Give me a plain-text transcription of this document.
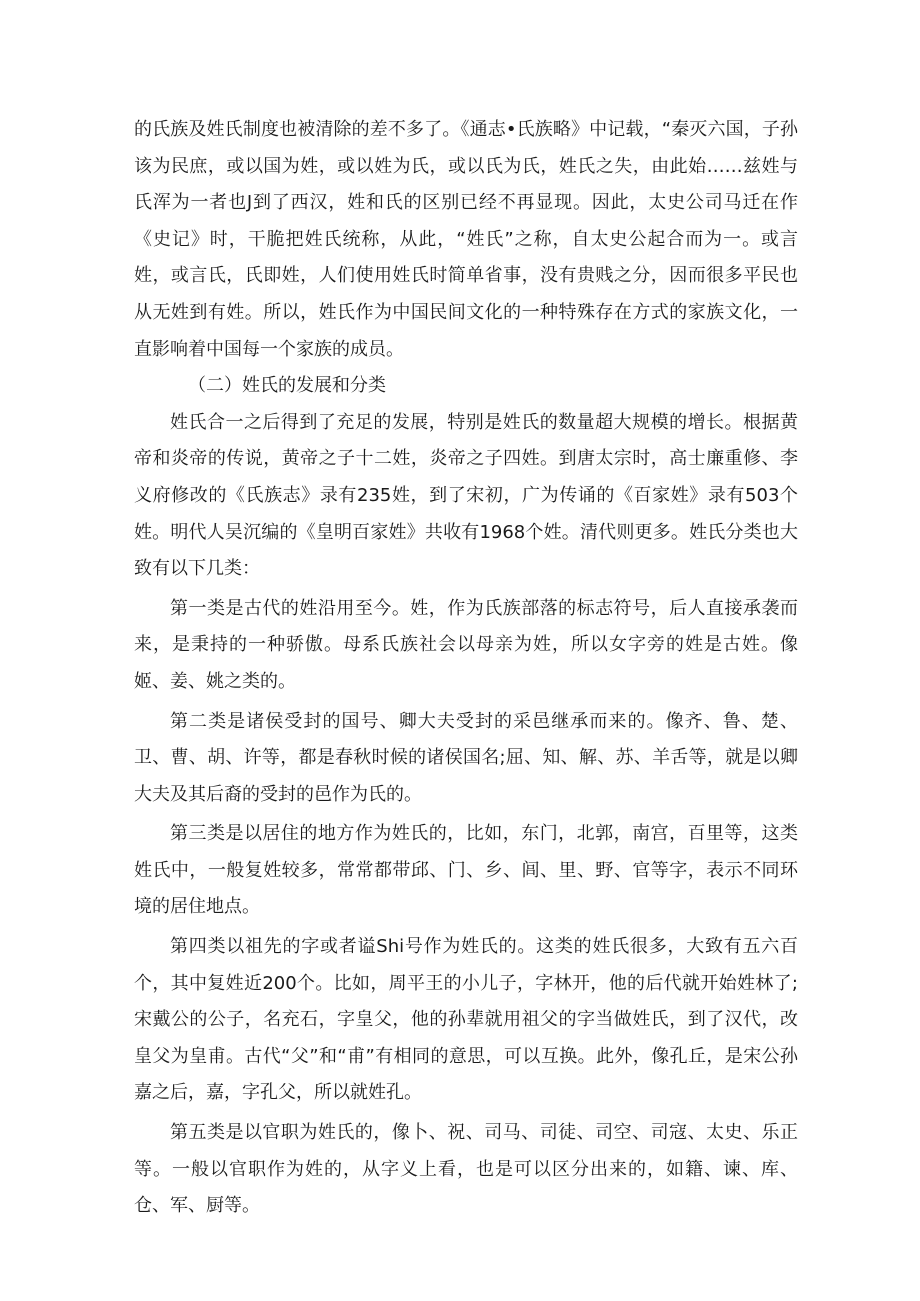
的氏族及姓氏制度也被清除的差不多了。《通志•氏族略》中记载，“秦灭六国，子孙该为民庶，或以国为姓，或以姓为氏，或以氏为氏，姓氏之失，由此始……兹姓与氏浑为一者也J到了西汉，姓和氏的区别已经不再显现。因此，太史公司马迁在作《史记》时，干脆把姓氏统称，从此，“姓氏”之称，自太史公起合而为一。或言姓，或言氏，氏即姓，人们使用姓氏时简单省事，没有贵贱之分，因而很多平民也从无姓到有姓。所以，姓氏作为中国民间文化的一种特殊存在方式的家族文化，一直影响着中国每一个家族的成员。

（二）姓氏的发展和分类

姓氏合一之后得到了充足的发展，特别是姓氏的数量超大规模的增长。根据黄帝和炎帝的传说，黄帝之子十二姓，炎帝之子四姓。到唐太宗时，高士廉重修、李义府修改的《氏族志》录有235姓，到了宋初，广为传诵的《百家姓》录有503个姓。明代人吴沉编的《皇明百家姓》共收有1968个姓。清代则更多。姓氏分类也大致有以下几类：

第一类是古代的姓沿用至今。姓，作为氏族部落的标志符号，后人直接承袭而来，是秉持的一种骄傲。母系氏族社会以母亲为姓，所以女字旁的姓是古姓。像姬、姜、姚之类的。

第二类是诸侯受封的国号、卿大夫受封的采邑继承而来的。像齐、鲁、楚、卫、曹、胡、许等，都是春秋时候的诸侯国名;屈、知、解、苏、羊舌等，就是以卿大夫及其后裔的受封的邑作为氏的。

第三类是以居住的地方作为姓氏的，比如，东门，北郭，南宫，百里等，这类姓氏中，一般复姓较多，常常都带邱、门、乡、闾、里、野、官等字，表示不同环境的居住地点。

第四类以祖先的字或者谥Shi号作为姓氏的。这类的姓氏很多，大致有五六百个，其中复姓近200个。比如，周平王的小儿子，字林开，他的后代就开始姓林了;宋戴公的公子，名充石，字皇父，他的孙辈就用祖父的字当做姓氏，到了汉代，改皇父为皇甫。古代“父”和“甫”有相同的意思，可以互换。此外，像孔丘，是宋公孙嘉之后，嘉，字孔父，所以就姓孔。

第五类是以官职为姓氏的，像卜、祝、司马、司徒、司空、司寇、太史、乐正等。一般以官职作为姓的，从字义上看，也是可以区分出来的，如籍、谏、库、仓、军、厨等。
